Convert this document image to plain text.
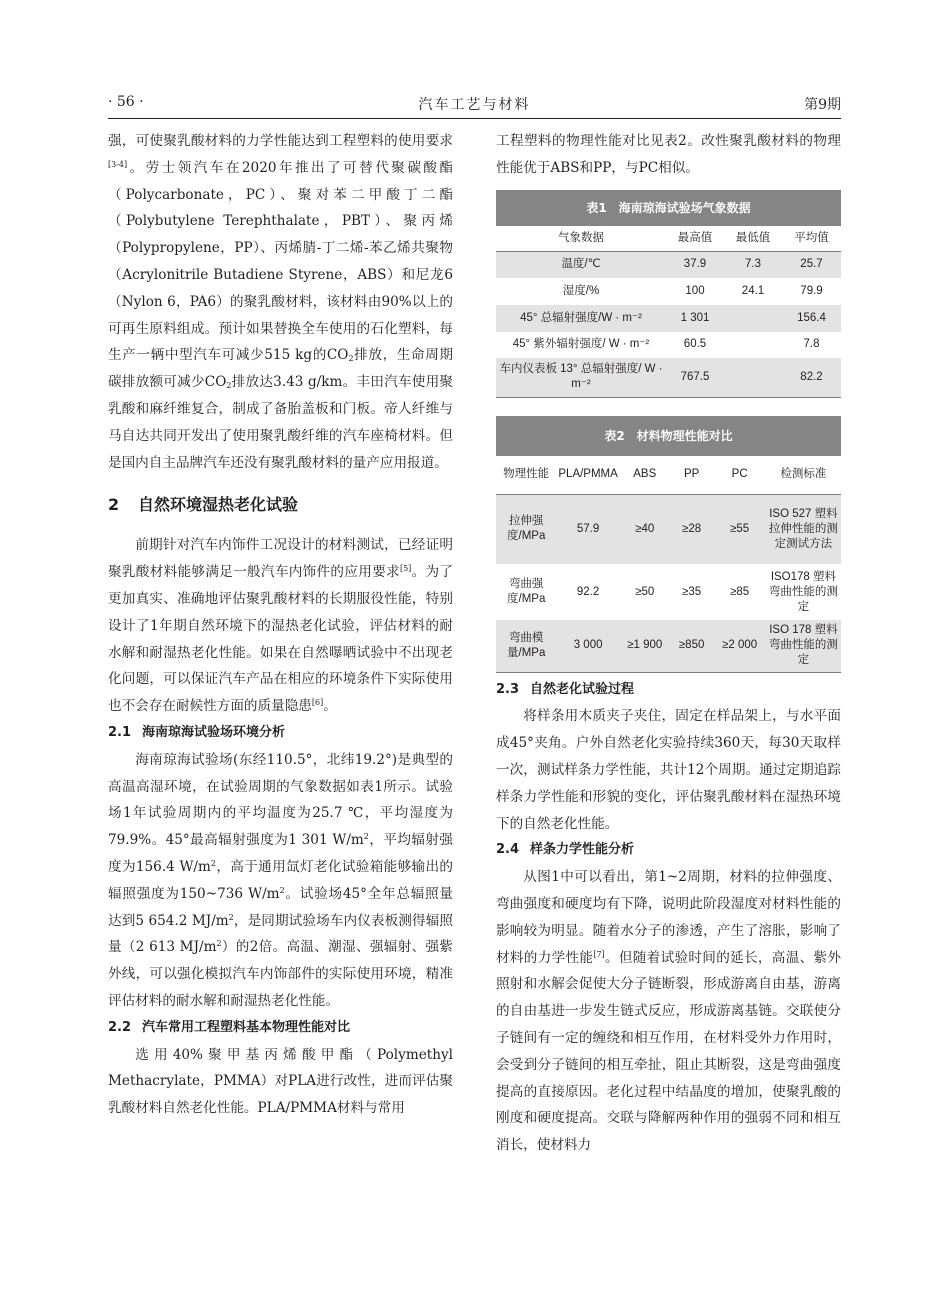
· 56 ·	汽车工艺与材料	第9期

强，可使聚乳酸材料的力学性能达到工程塑料的使用要求[3-4]。劳士领汽车在2020年推出了可替代聚碳酸酯（Polycarbonate，PC）、聚对苯二甲酸丁二酯（Polybutylene Terephthalate，PBT）、聚丙烯（Polypropylene，PP）、丙烯腈-丁二烯-苯乙烯共聚物（Acrylonitrile Butadiene Styrene，ABS）和尼龙6（Nylon 6，PA6）的聚乳酸材料，该材料由90%以上的可再生原料组成。预计如果替换全车使用的石化塑料，每生产一辆中型汽车可减少515 kg的$CO_2$排放，生命周期碳排放额可减少$CO_2$排放达3.43 g/km。丰田汽车使用聚乳酸和麻纤维复合，制成了备胎盖板和门板。帝人纤维与马自达共同开发出了使用聚乳酸纤维的汽车座椅材料。但是国内自主品牌汽车还没有聚乳酸材料的量产应用报道。

2 自然环境湿热老化试验

前期针对汽车内饰件工况设计的材料测试，已经证明聚乳酸材料能够满足一般汽车内饰件的应用要求[5]。为了更加真实、准确地评估聚乳酸材料的长期服役性能，特别设计了1年期自然环境下的湿热老化试验，评估材料的耐水解和耐湿热老化性能。如果在自然曝晒试验中不出现老化问题，可以保证汽车产品在相应的环境条件下实际使用也不会存在耐候性方面的质量隐患[6]。

2.1 海南琼海试验场环境分析

海南琼海试验场(东经110.5°，北纬19.2°)是典型的高温高湿环境，在试验周期的气象数据如表1所示。试验场1年试验周期内的平均温度为25.7 ℃，平均湿度为79.9%。45°最高辐射强度为1 301 $W/m^2$，平均辐射强度为156.4 $W/m^2$，高于通用氙灯老化试验箱能够输出的辐照强度为150~736 $W/m^2$。试验场45°全年总辐照量达到5 654.2 $MJ/m^2$，是同期试验场车内仪表板测得辐照量（2 613 $MJ/m^2$）的2倍。高温、潮湿、强辐射、强紫外线，可以强化模拟汽车内饰部件的实际使用环境，精准评估材料的耐水解和耐湿热老化性能。

2.2 汽车常用工程塑料基本物理性能对比

选用40%聚甲基丙烯酸甲酯（Polymethyl Methacrylate，PMMA）对PLA进行改性，进而评估聚乳酸材料自然老化性能。PLA/PMMA材料与常用

工程塑料的物理性能对比见表2。改性聚乳酸材料的物理性能优于ABS和PP，与PC相似。

表1　海南琼海试验场气象数据
气象数据	最高值	最低值	平均值
温度/℃	37.9	7.3	25.7
湿度/%	100	24.1	79.9
45° 总辐射强度/W · m⁻²	1 301		156.4
45° 紫外辐射强度/ W · m⁻²	60.5		7.8
车内仪表板 13° 总辐射强度/ W · m⁻²	767.5		82.2
表2　材料物理性能对比
物理性能	PLA/PMMA	ABS	PP	PC	检测标准
拉伸强度/MPa	57.9	≥40	≥28	≥55	ISO 527 塑料拉伸性能的测定测试方法
弯曲强度/MPa	92.2	≥50	≥35	≥85	ISO178 塑料弯曲性能的测定
弯曲模量/MPa	3 000	≥1 900	≥850	≥2 000	ISO 178 塑料弯曲性能的测定
2.3 自然老化试验过程

将样条用木质夹子夹住，固定在样品架上，与水平面成45°夹角。户外自然老化实验持续360天，每30天取样一次，测试样条力学性能，共计12个周期。通过定期追踪样条力学性能和形貌的变化，评估聚乳酸材料在湿热环境下的自然老化性能。

2.4 样条力学性能分析

从图1中可以看出，第1~2周期，材料的拉伸强度、弯曲强度和硬度均有下降，说明此阶段湿度对材料性能的影响较为明显。随着水分子的渗透，产生了溶胀，影响了材料的力学性能[7]。但随着试验时间的延长，高温、紫外照射和水解会促使大分子链断裂，形成游离自由基，游离的自由基进一步发生链式反应，形成游离基链。交联使分子链间有一定的缠绕和相互作用，在材料受外力作用时，会受到分子链间的相互牵扯，阻止其断裂，这是弯曲强度提高的直接原因。老化过程中结晶度的增加，使聚乳酸的刚度和硬度提高。交联与降解两种作用的强弱不同和相互消长，使材料力
